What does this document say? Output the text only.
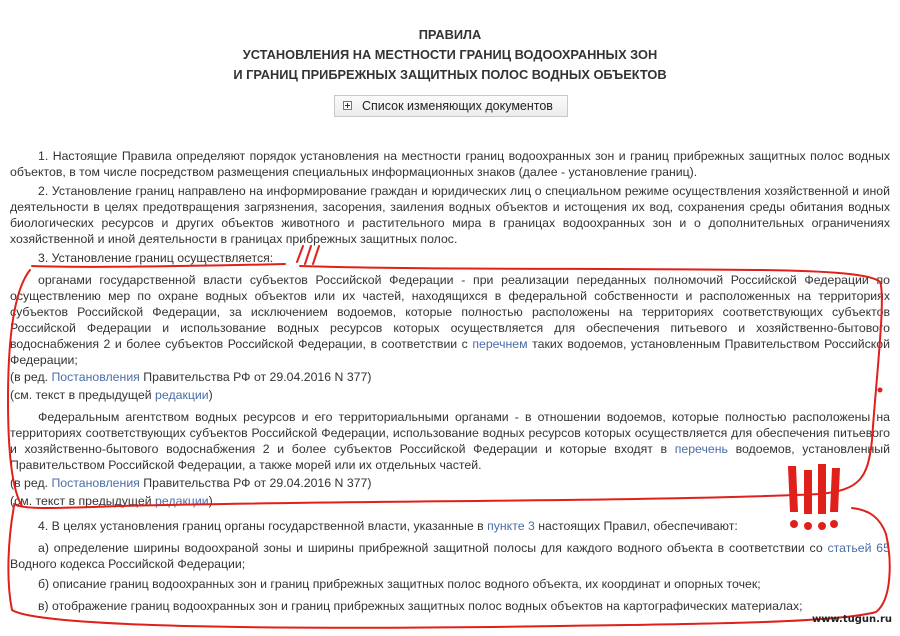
ПРАВИЛА
УСТАНОВЛЕНИЯ НА МЕСТНОСТИ ГРАНИЦ ВОДООХРАННЫХ ЗОН
И ГРАНИЦ ПРИБРЕЖНЫХ ЗАЩИТНЫХ ПОЛОС ВОДНЫХ ОБЪЕКТОВ
Список изменяющих документов

1. Настоящие Правила определяют порядок установления на местности границ водоохранных зон и границ прибрежных защитных полос водных объектов, в том числе посредством размещения специальных информационных знаков (далее - установление границ).

2. Установление границ направлено на информирование граждан и юридических лиц о специальном режиме осуществления хозяйственной и иной деятельности в целях предотвращения загрязнения, засорения, заиления водных объектов и истощения их вод, сохранения среды обитания водных биологических ресурсов и других объектов животного и растительного мира в границах водоохранных зон и о дополнительных ограничениях хозяйственной и иной деятельности в границах прибрежных защитных полос.

3. Установление границ осуществляется:

органами государственной власти субъектов Российской Федерации - при реализации переданных полномочий Российской Федерации по осуществлению мер по охране водных объектов или их частей, находящихся в федеральной собственности и расположенных на территориях субъектов Российской Федерации, за исключением водоемов, которые полностью расположены на территориях соответствующих субъектов Российской Федерации и использование водных ресурсов которых осуществляется для обеспечения питьевого и хозяйственно-бытового водоснабжения 2 и более субъектов Российской Федерации, в соответствии с перечнем таких водоемов, установленным Правительством Российской Федерации;

(в ред. Постановления Правительства РФ от 29.04.2016 N 377)

(см. текст в предыдущей редакции)

Федеральным агентством водных ресурсов и его территориальными органами - в отношении водоемов, которые полностью расположены на территориях соответствующих субъектов Российской Федерации, использование водных ресурсов которых осуществляется для обеспечения питьевого и хозяйственно-бытового водоснабжения 2 и более субъектов Российской Федерации и которые входят в перечень водоемов, установленный Правительством Российской Федерации, а также морей или их отдельных частей.

(в ред. Постановления Правительства РФ от 29.04.2016 N 377)

(см. текст в предыдущей редакции)

4. В целях установления границ органы государственной власти, указанные в пункте 3 настоящих Правил, обеспечивают:

а) определение ширины водоохраной зоны и ширины прибрежной защитной полосы для каждого водного объекта в соответствии со статьей 65 Водного кодекса Российской Федерации;

б) описание границ водоохранных зон и границ прибрежных защитных полос водного объекта, их координат и опорных точек;

в) отображение границ водоохранных зон и границ прибрежных защитных полос водных объектов на картографических материалах;

www.tugun.ru
